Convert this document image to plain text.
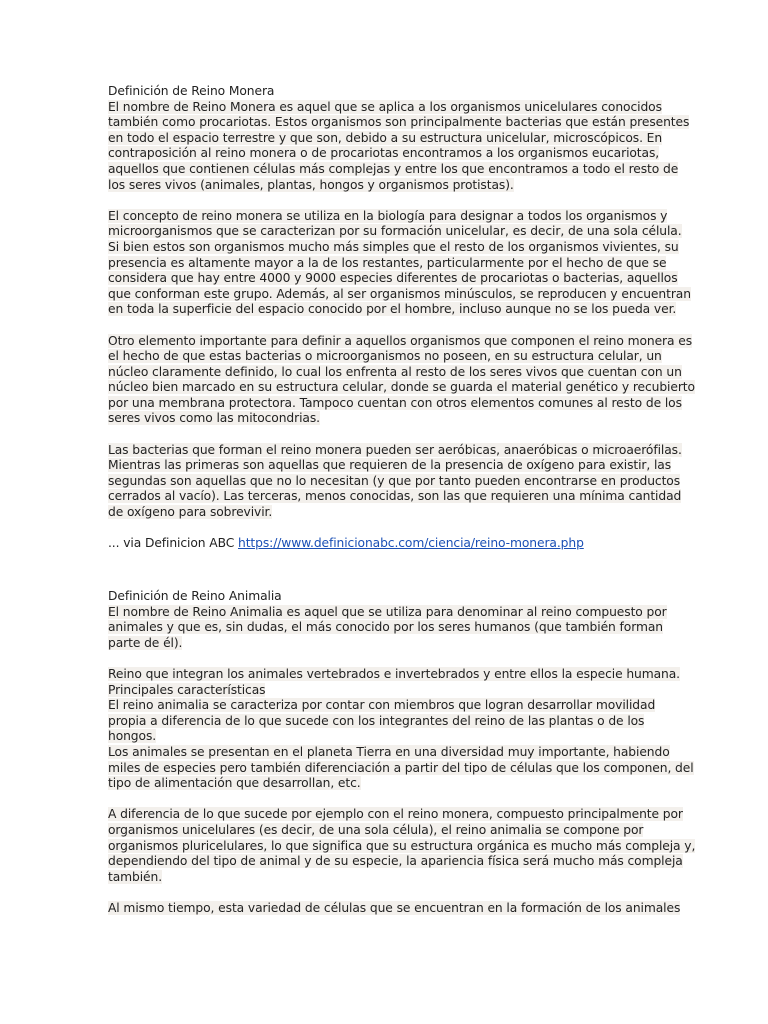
Definición de Reino Monera
El nombre de Reino Monera es aquel que se aplica a los organismos unicelulares conocidos
también como procariotas. Estos organismos son principalmente bacterias que están presentes
en todo el espacio terrestre y que son, debido a su estructura unicelular, microscópicos. En
contraposición al reino monera o de procariotas encontramos a los organismos eucariotas,
aquellos que contienen células más complejas y entre los que encontramos a todo el resto de
los seres vivos (animales, plantas, hongos y organismos protistas).
El concepto de reino monera se utiliza en la biología para designar a todos los organismos y
microorganismos que se caracterizan por su formación unicelular, es decir, de una sola célula.
Si bien estos son organismos mucho más simples que el resto de los organismos vivientes, su
presencia es altamente mayor a la de los restantes, particularmente por el hecho de que se
considera que hay entre 4000 y 9000 especies diferentes de procariotas o bacterias, aquellos
que conforman este grupo. Además, al ser organismos minúsculos, se reproducen y encuentran
en toda la superficie del espacio conocido por el hombre, incluso aunque no se los pueda ver.
Otro elemento importante para definir a aquellos organismos que componen el reino monera es
el hecho de que estas bacterias o microorganismos no poseen, en su estructura celular, un
núcleo claramente definido, lo cual los enfrenta al resto de los seres vivos que cuentan con un
núcleo bien marcado en su estructura celular, donde se guarda el material genético y recubierto
por una membrana protectora. Tampoco cuentan con otros elementos comunes al resto de los
seres vivos como las mitocondrias.
Las bacterias que forman el reino monera pueden ser aeróbicas, anaeróbicas o microaerófilas.
Mientras las primeras son aquellas que requieren de la presencia de oxígeno para existir, las
segundas son aquellas que no lo necesitan (y que por tanto pueden encontrarse en productos
cerrados al vacío). Las terceras, menos conocidas, son las que requieren una mínima cantidad
de oxígeno para sobrevivir.
... via Definicion ABC https://www.definicionabc.com/ciencia/reino-monera.php
Definición de Reino Animalia
El nombre de Reino Animalia es aquel que se utiliza para denominar al reino compuesto por
animales y que es, sin dudas, el más conocido por los seres humanos (que también forman
parte de él).
Reino que integran los animales vertebrados e invertebrados y entre ellos la especie humana.
Principales características
El reino animalia se caracteriza por contar con miembros que logran desarrollar movilidad
propia a diferencia de lo que sucede con los integrantes del reino de las plantas o de los
hongos.
Los animales se presentan en el planeta Tierra en una diversidad muy importante, habiendo
miles de especies pero también diferenciación a partir del tipo de células que los componen, del
tipo de alimentación que desarrollan, etc.
A diferencia de lo que sucede por ejemplo con el reino monera, compuesto principalmente por
organismos unicelulares (es decir, de una sola célula), el reino animalia se compone por
organismos pluricelulares, lo que significa que su estructura orgánica es mucho más compleja y,
dependiendo del tipo de animal y de su especie, la apariencia física será mucho más compleja
también.
Al mismo tiempo, esta variedad de células que se encuentran en la formación de los animales
